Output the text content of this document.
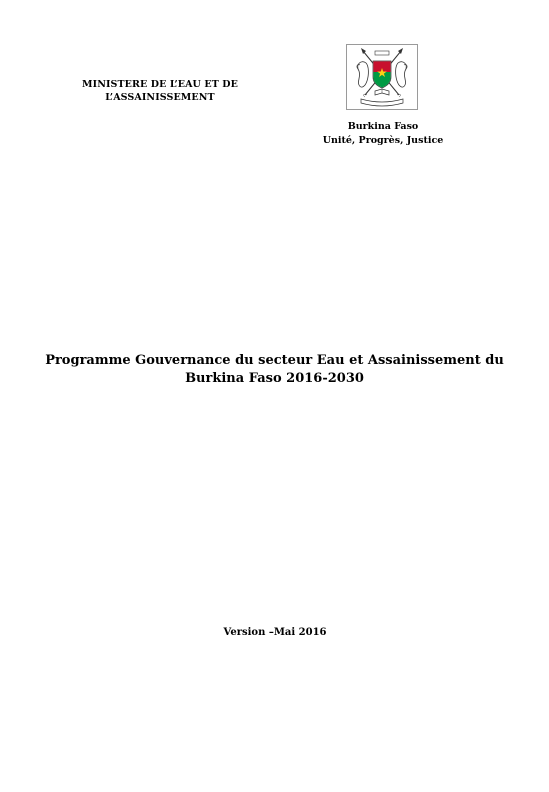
MINISTERE DE L’EAU ET DE
L’ASSAINISSEMENT
Burkina Faso
Unité, Progrès, Justice
Programme Gouvernance du secteur Eau et Assainissement du
Burkina Faso 2016-2030
Version –Mai 2016
